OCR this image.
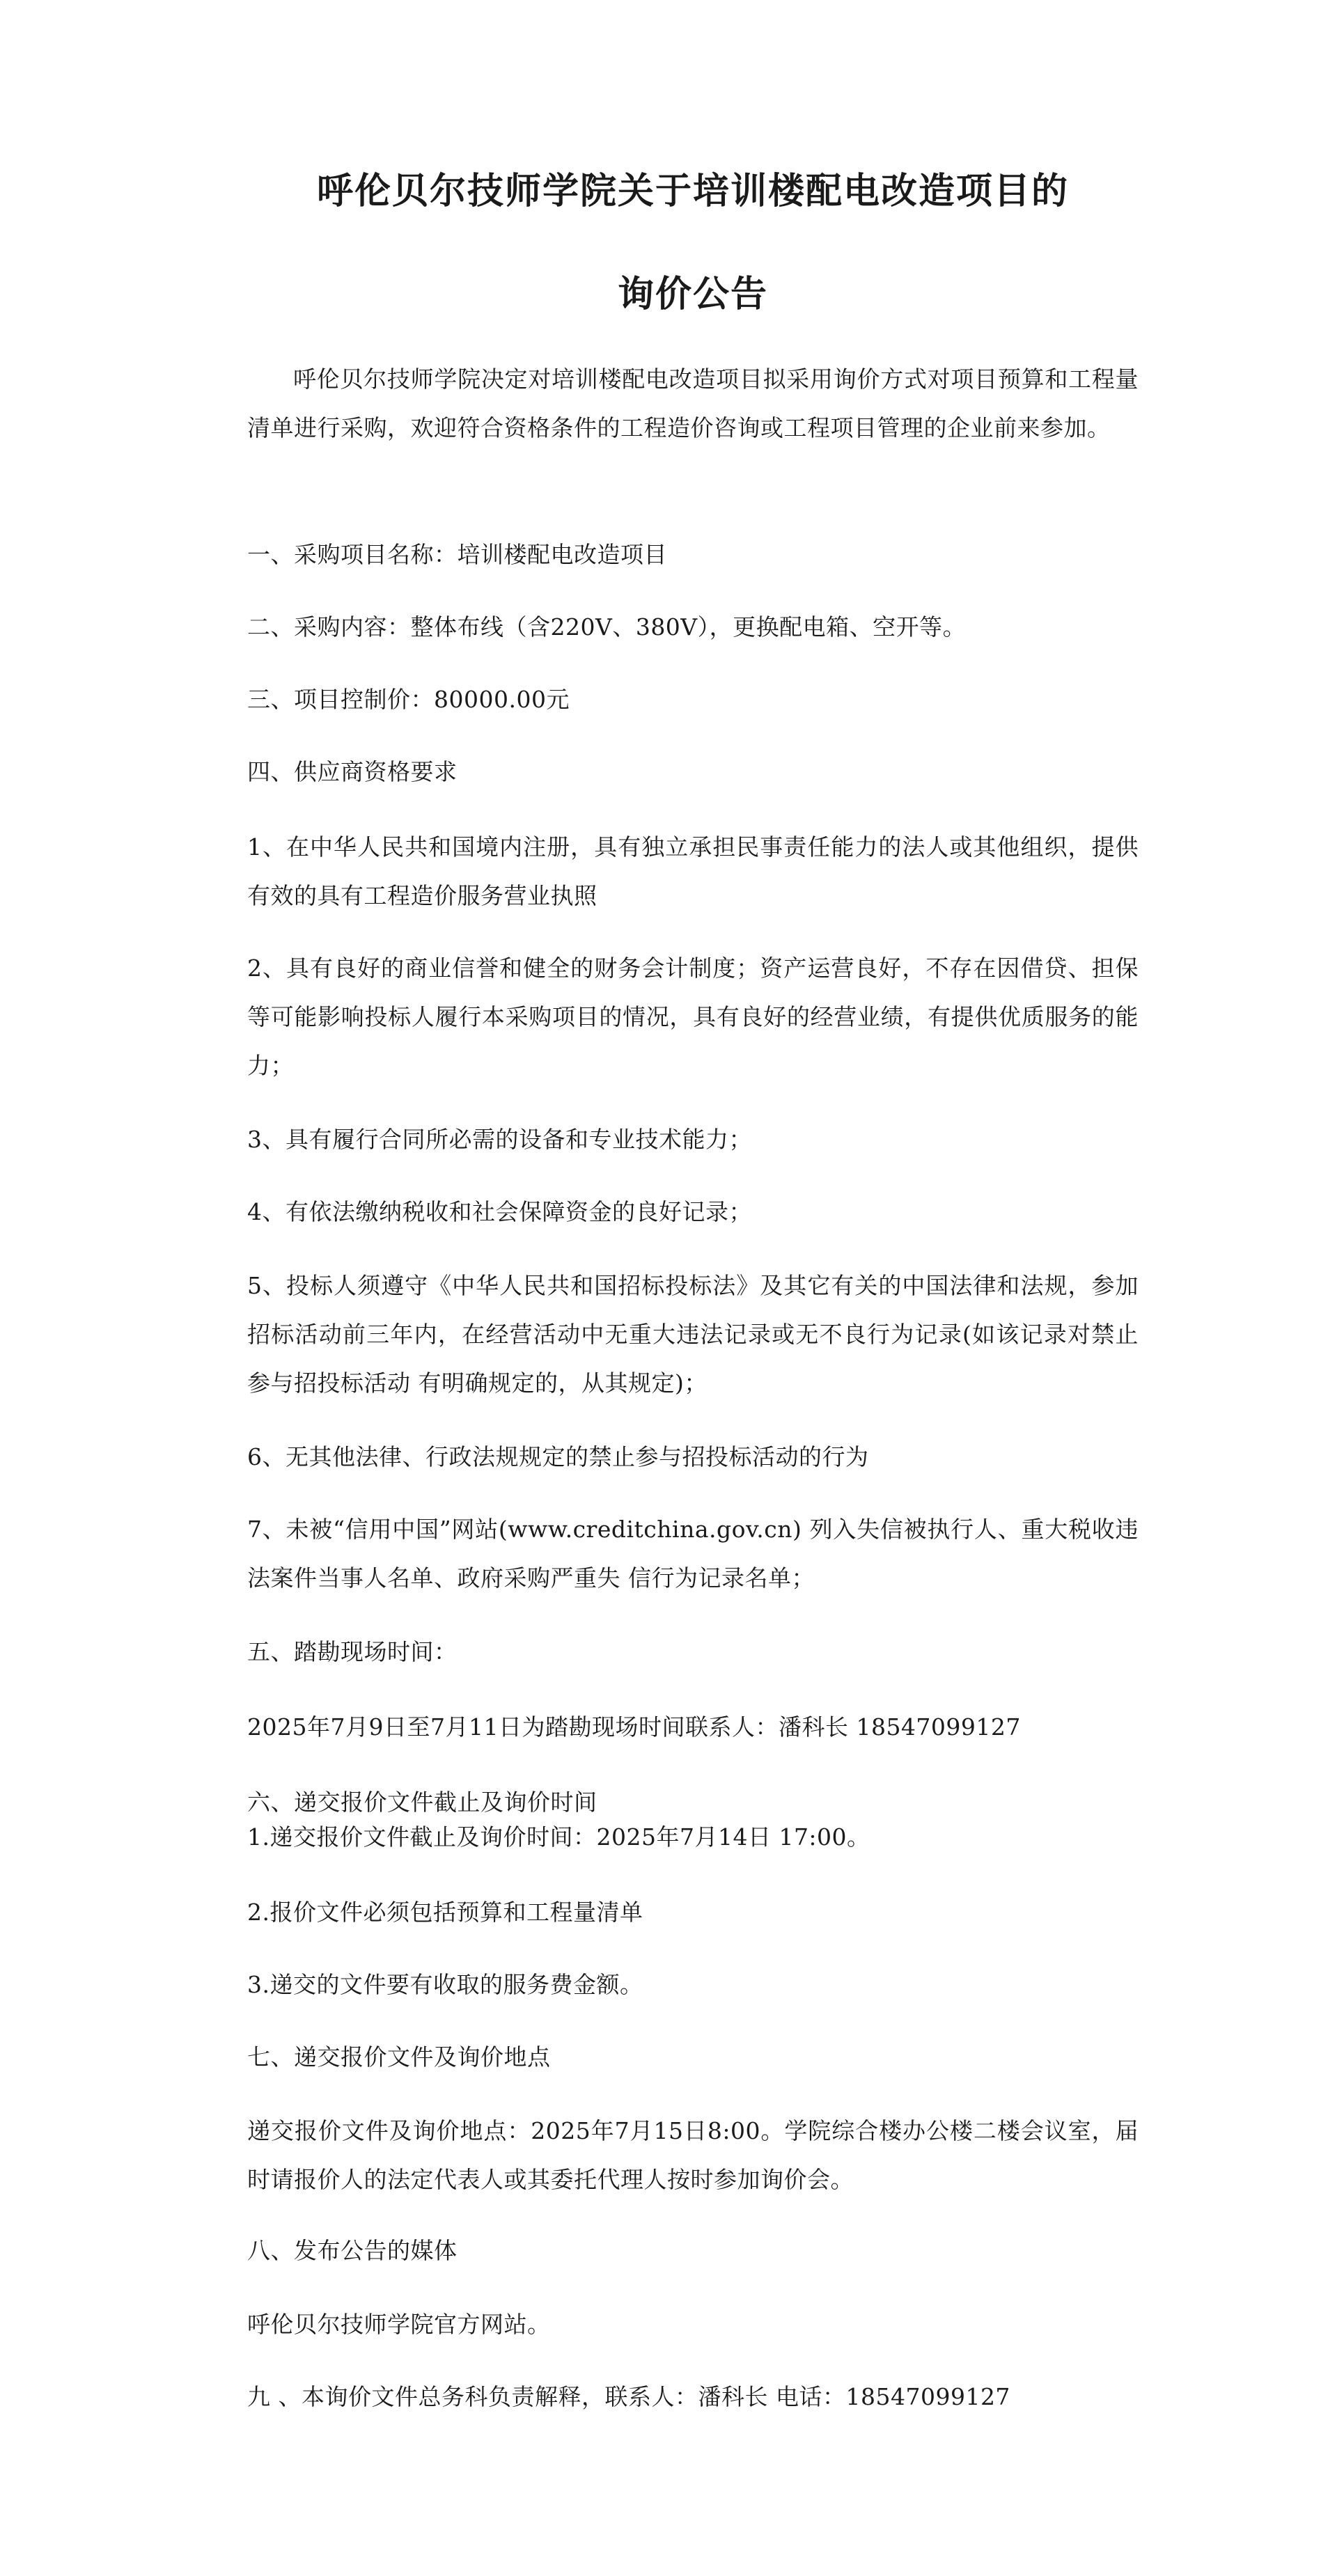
呼伦贝尔技师学院关于培训楼配电改造项目的
询价公告

呼伦贝尔技师学院决定对培训楼配电改造项目拟采用询价方式对项目预算和工程量清单进行采购，欢迎符合资格条件的工程造价咨询或工程项目管理的企业前来参加。

一、采购项目名称：培训楼配电改造项目

二、采购内容：整体布线（含220V、380V），更换配电箱、空开等。

三、项目控制价：80000.00元

四、供应商资格要求

1、在中华人民共和国境内注册，具有独立承担民事责任能力的法人或其他组织，提供有效的具有工程造价服务营业执照

2、具有良好的商业信誉和健全的财务会计制度；资产运营良好，不存在因借贷、担保等可能影响投标人履行本采购项目的情况，具有良好的经营业绩，有提供优质服务的能力；

3、具有履行合同所必需的设备和专业技术能力；

4、有依法缴纳税收和社会保障资金的良好记录；

5、投标人须遵守《中华人民共和国招标投标法》及其它有关的中国法律和法规，参加招标活动前三年内，在经营活动中无重大违法记录或无不良行为记录(如该记录对禁止参与招投标活动 有明确规定的，从其规定)；

6、无其他法律、行政法规规定的禁止参与招投标活动的行为

7、未被“信用中国”网站(www.creditchina.gov.cn) 列入失信被执行人、重大税收违法案件当事人名单、政府采购严重失 信行为记录名单；

五、踏勘现场时间：

2025年7月9日至7月11日为踏勘现场时间联系人：潘科长 18547099127

六、递交报价文件截止及询价时间

1.递交报价文件截止及询价时间：2025年7月14日 17:00。

2.报价文件必须包括预算和工程量清单

3.递交的文件要有收取的服务费金额。

七、递交报价文件及询价地点

递交报价文件及询价地点：2025年7月15日8:00。学院综合楼办公楼二楼会议室，届时请报价人的法定代表人或其委托代理人按时参加询价会。

八、发布公告的媒体

呼伦贝尔技师学院官方网站。

九 、本询价文件总务科负责解释，联系人：潘科长 电话：18547099127
